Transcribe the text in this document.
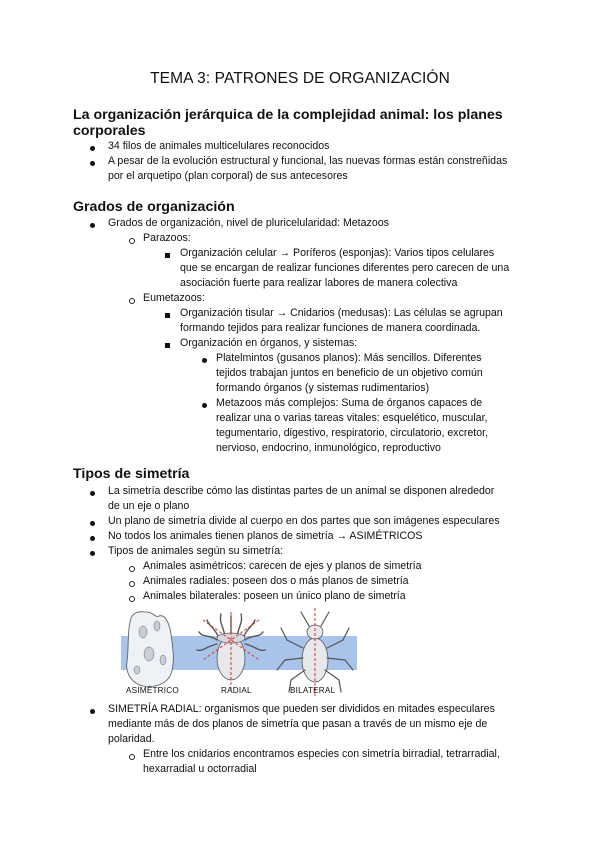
TEMA 3: PATRONES DE ORGANIZACIÓN
La organización jerárquica de la complejidad animal: los planes
corporales
34 filos de animales multicelulares reconocidos
A pesar de la evolución estructural y funcional, las nuevas formas están constreñidas
por el arquetipo (plan corporal) de sus antecesores
Grados de organización
Grados de organización, nivel de pluricelularidad: Metazoos
Parazoos:
Organización celular → Poríferos (esponjas): Varios tipos celulares
que se encargan de realizar funciones diferentes pero carecen de una
asociación fuerte para realizar labores de manera colectiva
Eumetazoos:
Organización tisular → Cnidarios (medusas): Las células se agrupan
formando tejidos para realizar funciones de manera coordinada.
Organización en órganos, y sistemas:
Platelmintos (gusanos planos): Más sencillos. Diferentes
tejidos trabajan juntos en beneficio de un objetivo común
formando órganos (y sistemas rudimentarios)
Metazoos más complejos: Suma de órganos capaces de
realizar una o varias tareas vitales: esquelético, muscular,
tegumentario, digestivo, respiratorio, circulatorio, excretor,
nervioso, endocrino, inmunológico, reproductivo
Tipos de simetría
La simetría describe cómo las distintas partes de un animal se disponen alrededor
de un eje o plano
Un plano de simetría divide al cuerpo en dos partes que son imágenes especulares
No todos los animales tienen planos de simetría → ASIMÉTRICOS
Tipos de animales según su simetría:
Animales asimétricos: carecen de ejes y planos de simetría
Animales radiales: poseen dos o más planos de simetría
Animales bilaterales: poseen un único plano de simetría
ASIMÉTRICO	RADIAL	BILATERAL
SIMETRÍA RADIAL: organismos que pueden ser divididos en mitades especulares
mediante más de dos planos de simetría que pasan a través de un mismo eje de
polaridad.
Entre los cnidarios encontramos especies con simetría birradial, tetrarradial,
hexarradial u octorradial
